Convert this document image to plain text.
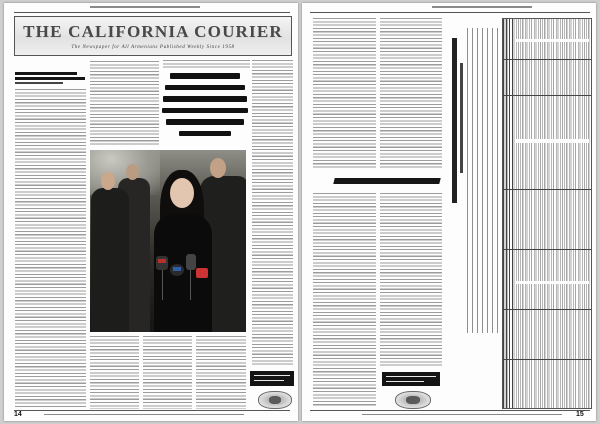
THE CALIFORNIA COURIER
The Newspaper for All Armenians Published Weekly Since 1958
14	15
